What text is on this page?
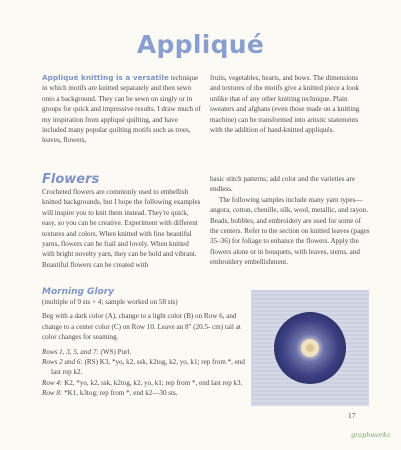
Appliqué

Appliqué knitting is a versatile technique in which motifs are knitted separately and then sewn onto a background. They can be sewn on singly or in groups for quick and impressive results. I draw much of my inspiration from appliqué quilting, and have included many popular quilting motifs such as trees, leaves, flowers,

fruits, vegetables, hearts, and bows. The dimensions and textures of the motifs give a knitted piece a look unlike that of any other knitting technique. Plain sweaters and afghans (even those made on a knitting machine) can be transformed into artistic statements with the addition of hand-knitted appliqués.

Flowers

Crocheted flowers are commonly used to embellish knitted backgrounds, but I hope the following examples will inspire you to knit them instead. They're quick, easy, so you can be creative. Experiment with different textures and colors. When knitted with fine beautiful yarns, flowers can be frail and lovely. When knitted with bright novelty yarn, they can be bold and vibrant. Beautiful flowers can be created with

basic stitch patterns; add color and the varieties are endless.

The following samples include many yarn types—angora, cotton, chenille, silk, wool, metallic, and rayon. Beads, bobbles, and embroidery are used for some of the centers. Refer to the section on knitted leaves (pages 35–36) for foliage to enhance the flowers. Apply the flowers alone or in bouquets, with leaves, stems, and embroidery embellishment.

Morning Glory

(multiple of 9 sts + 4; sample worked on 58 sts)

Beg with a dark color (A), change to a light color (B) on Row 6, and change to a center color (C) on Row 10. Leave an 8" (20.5- cm) tail at color changes for seaming.

Rows 1, 3, 5, and 7: (WS) Purl.

Rows 2 and 6: (RS) K3, *yo, k2, ssk, k2tog, k2, yo, k1; rep from *, end last rep k2.

Row 4: K2, *yo, k2, ssk, k2tog, k2, yo, k1; rep from *, end last rep k3.

Row 8: *K1, k3tog; rep from *, end k2—30 sts.

17
graphworkz
